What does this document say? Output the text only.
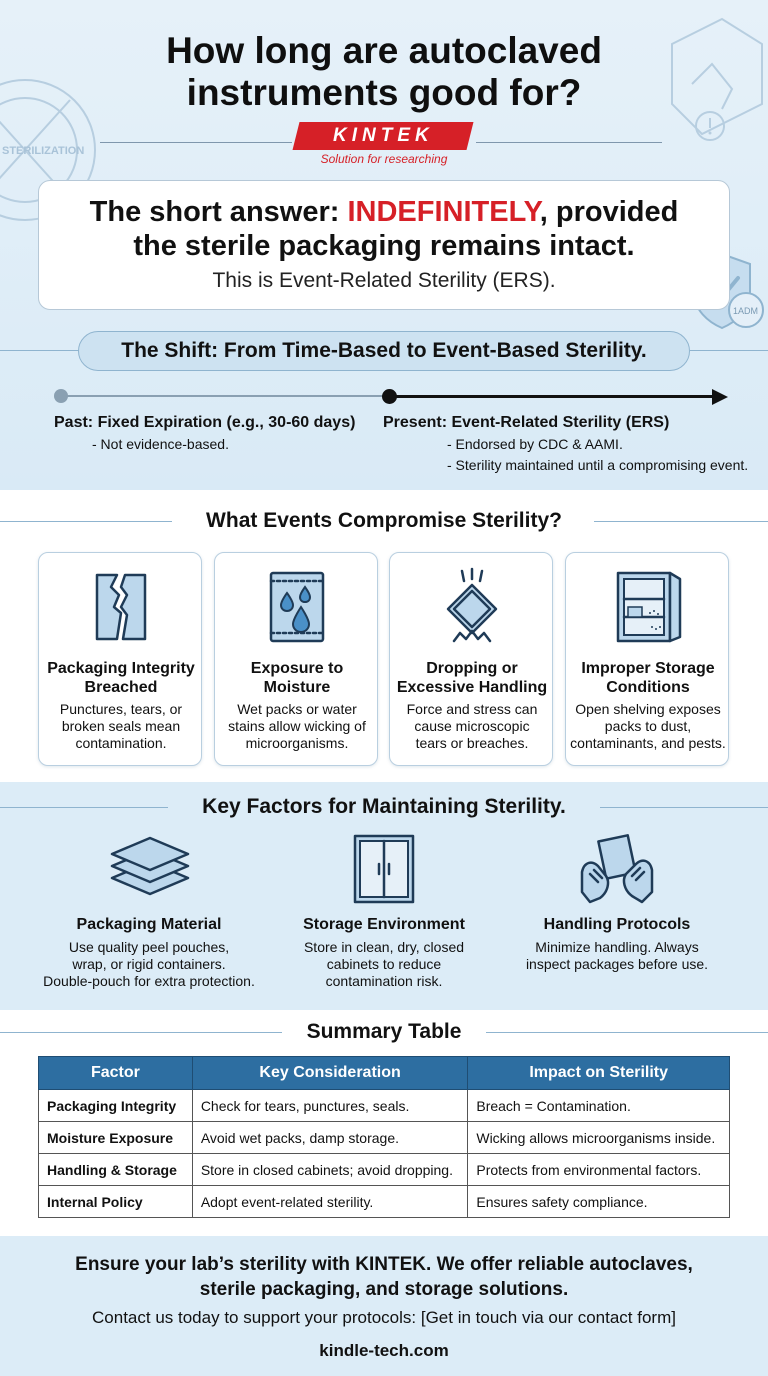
STERILIZATION
1ADM
How long are autoclaved
instruments good for?
KINTEK
Solution for researching
The short answer: INDEFINITELY, provided
the sterile packaging remains intact.
This is Event-Related Sterility (ERS).
The Shift: From Time-Based to Event-Based Sterility.
Past: Fixed Expiration (e.g., 30-60 days)
- Not evidence-based.
Present: Event-Related Sterility (ERS)
- Endorsed by CDC & AAMI.
- Sterility maintained until a compromising event.
What Events Compromise Sterility?
Packaging Integrity
Breached
Punctures, tears, or
broken seals mean
contamination.
Exposure to
Moisture
Wet packs or water
stains allow wicking of
microorganisms.
Dropping or
Excessive Handling
Force and stress can
cause microscopic
tears or breaches.
Improper Storage
Conditions
Open shelving exposes
packs to dust,
contaminants, and pests.
Key Factors for Maintaining Sterility.
Packaging Material
Use quality peel pouches,
wrap, or rigid containers.
Double-pouch for extra protection.
Storage Environment
Store in clean, dry, closed
cabinets to reduce
contamination risk.
Handling Protocols
Minimize handling. Always
inspect packages before use.
Summary Table
Factor	Key Consideration	Impact on Sterility
Packaging Integrity	Check for tears, punctures, seals.	Breach = Contamination.
Moisture Exposure	Avoid wet packs, damp storage.	Wicking allows microorganisms inside.
Handling & Storage	Store in closed cabinets; avoid dropping.	Protects from environmental factors.
Internal Policy	Adopt event-related sterility.	Ensures safety compliance.
Ensure your lab’s sterility with KINTEK. We offer reliable autoclaves,
sterile packaging, and storage solutions.
Contact us today to support your protocols: [Get in touch via our contact form]
kindle-tech.com
